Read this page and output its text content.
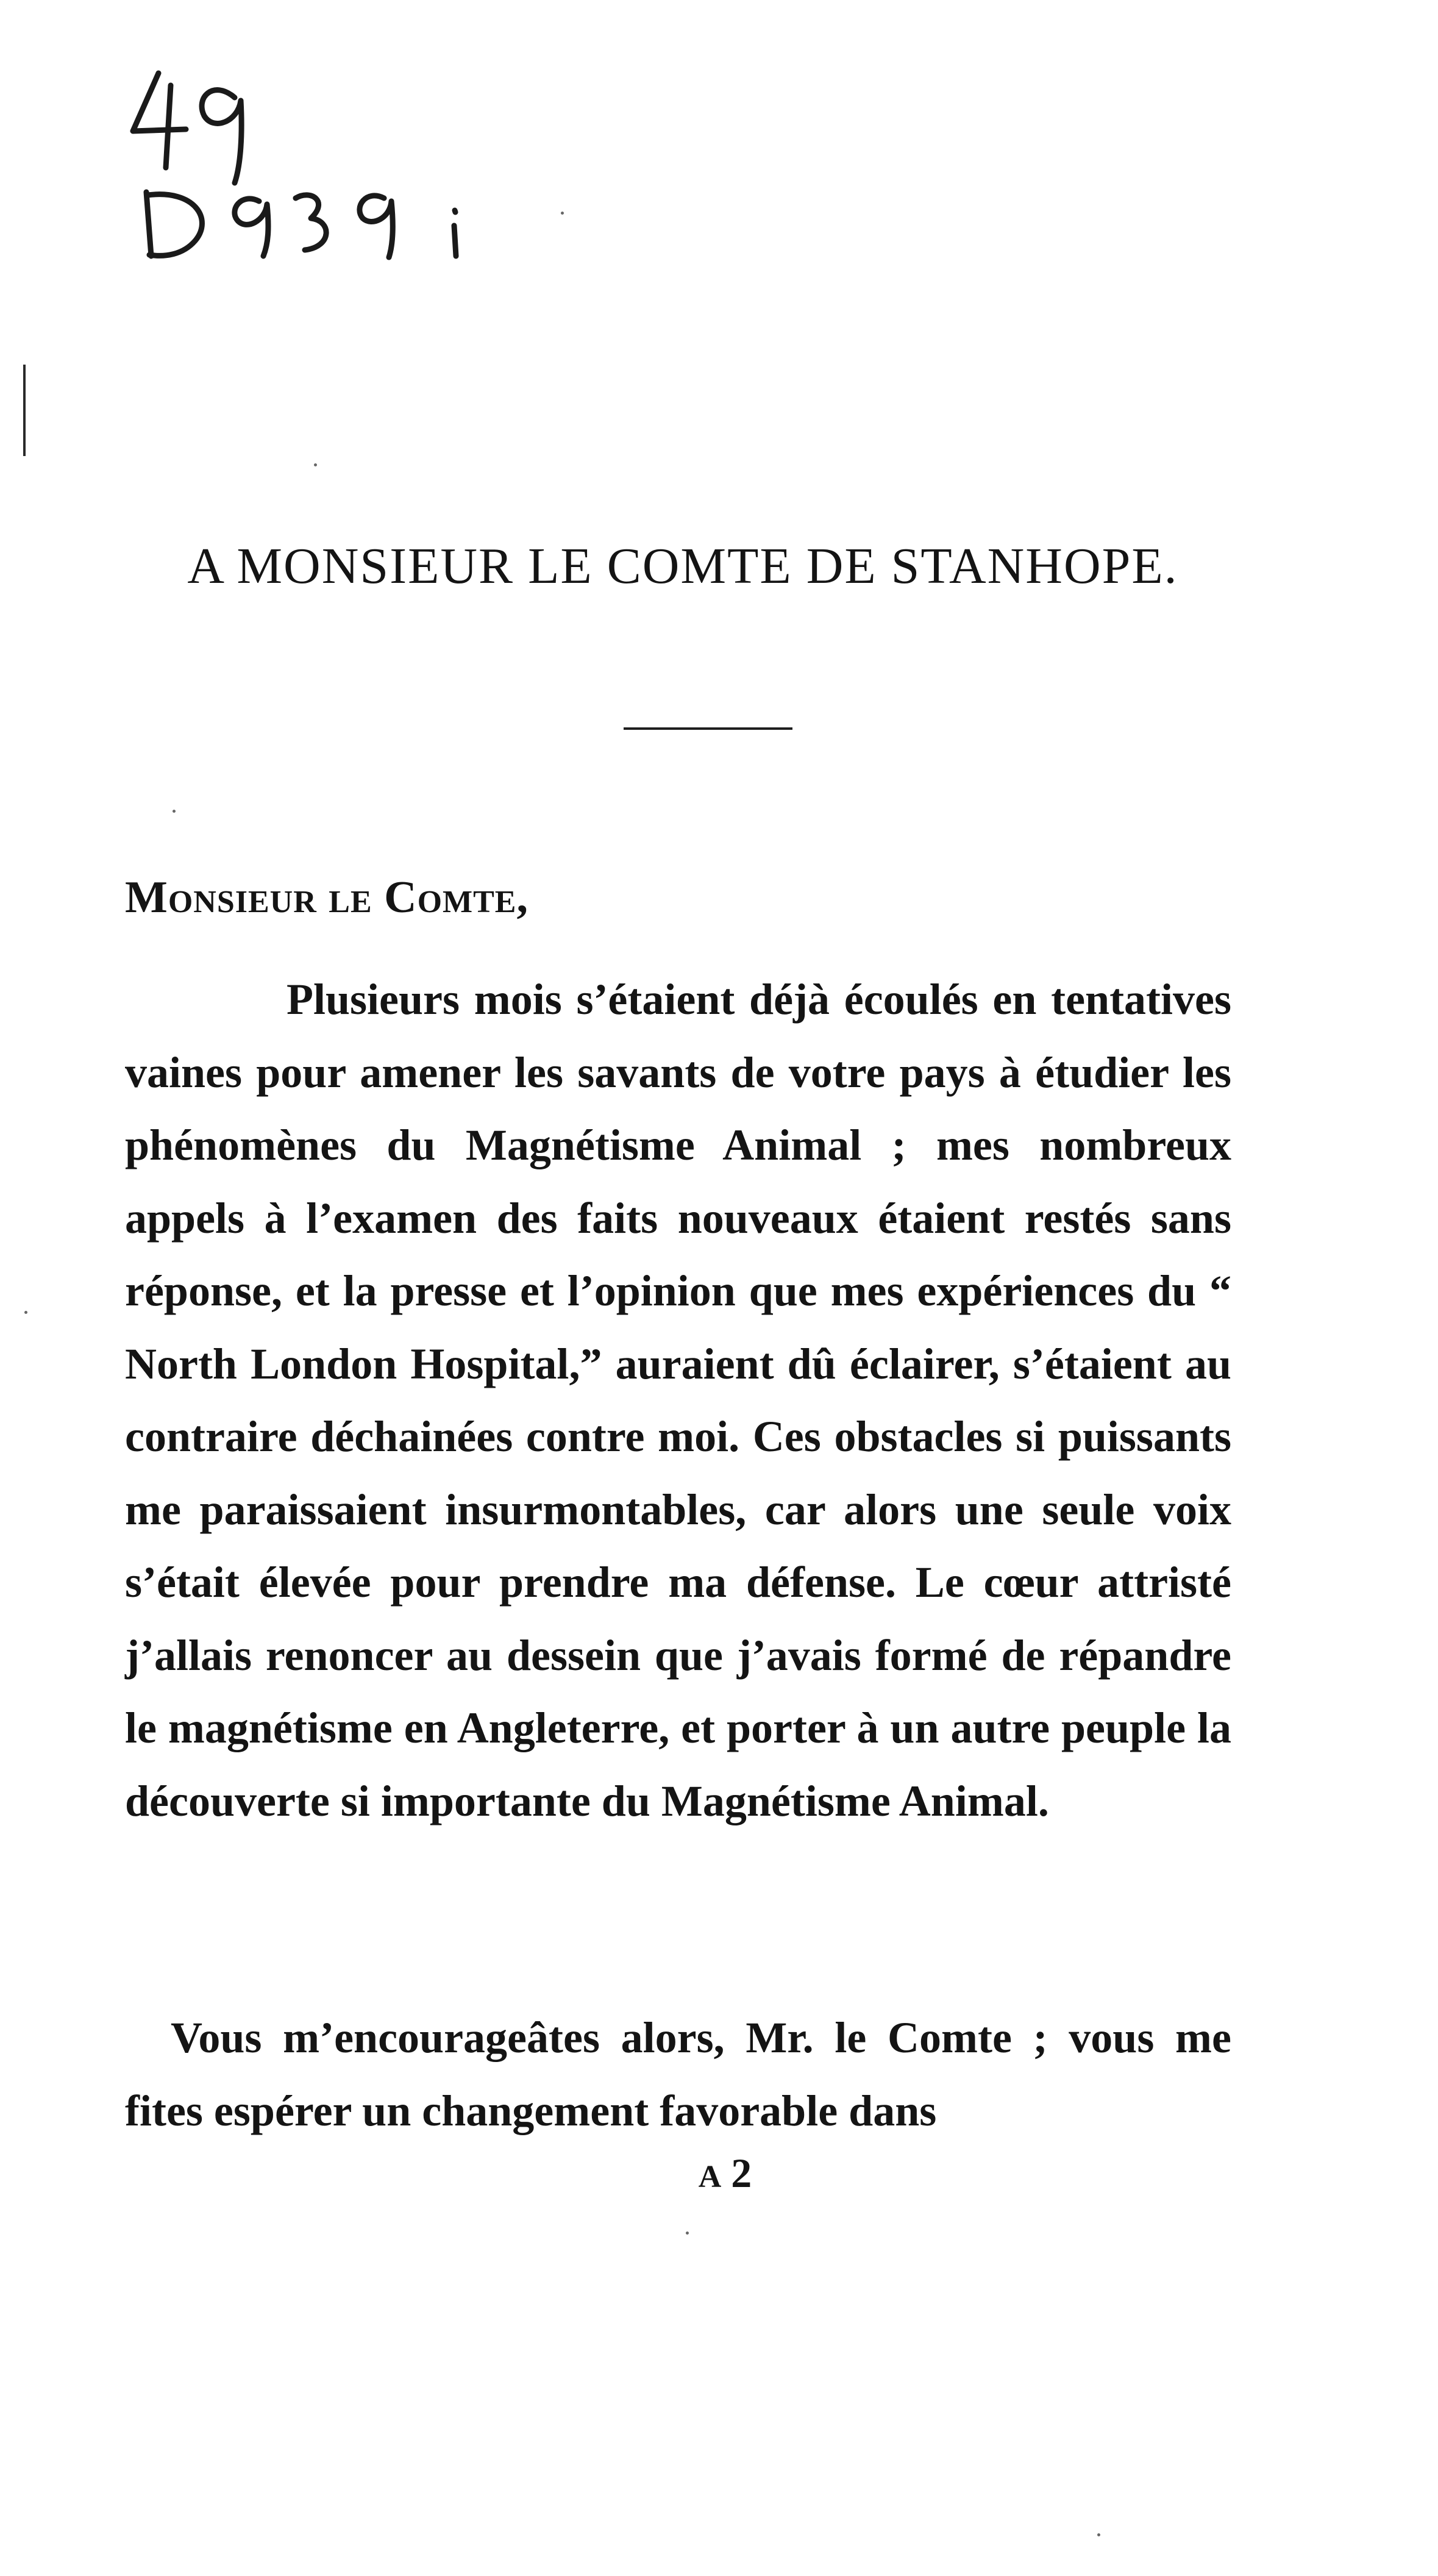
A MONSIEUR LE COMTE DE STANHOPE.
Monsieur le Comte,
Plusieurs mois s’étaient déjà écoulés en tentatives vaines pour amener les savants de votre pays à étudier les phénomènes du Magnétisme Animal ; mes nombreux appels à l’examen des faits nouveaux étaient restés sans réponse, et la presse et l’opinion que mes expériences du “ North London Hospital,” auraient dû éclairer, s’étaient au contraire déchainées contre moi. Ces obstacles si puissants me paraissaient insurmontables, car alors une seule voix s’était élevée pour prendre ma défense. Le cœur attristé j’allais renoncer au dessein que j’avais formé de répandre le magnétisme en Angleterre, et porter à un autre peuple la découverte si importante du Magnétisme Animal.
Vous m’encourageâtes alors, Mr. le Comte ; vous me fites espérer un changement favorable dans
A 2
